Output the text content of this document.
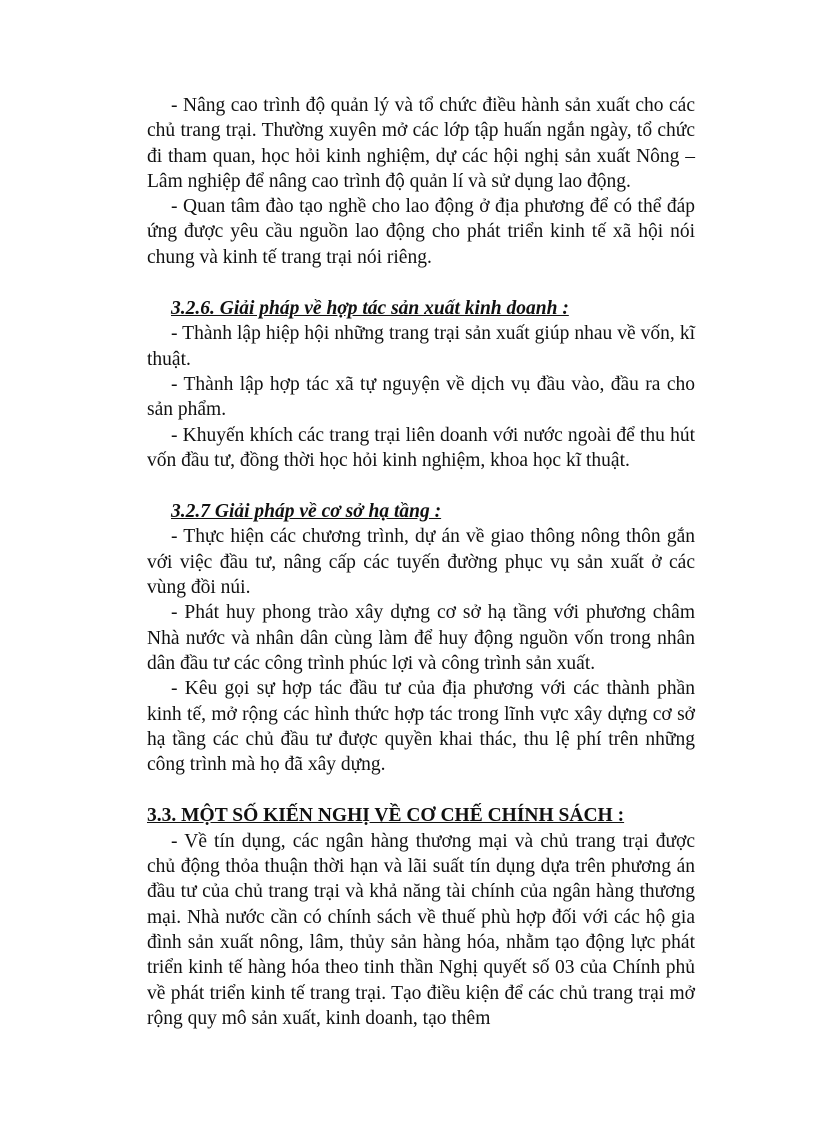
- Nâng cao trình độ quản lý và tổ chức điều hành sản xuất cho các chủ trang trại. Thường xuyên mở các lớp tập huấn ngắn ngày, tổ chức đi tham quan, học hỏi kinh nghiệm, dự các hội nghị sản xuất Nông – Lâm nghiệp để nâng cao trình độ quản lí và sử dụng lao động.

- Quan tâm đào tạo nghề cho lao động ở địa phương để có thể đáp ứng được yêu cầu nguồn lao động cho phát triển kinh tế xã hội nói chung và kinh tế trang trại nói riêng.

3.2.6. Giải pháp về hợp tác sản xuất kinh doanh :

- Thành lập hiệp hội những trang trại sản xuất giúp nhau về vốn, kĩ thuật.

- Thành lập hợp tác xã tự nguyện về dịch vụ đầu vào, đầu ra cho sản phẩm.

- Khuyến khích các trang trại liên doanh với nước ngoài để thu hút vốn đầu tư, đồng thời học hỏi kinh nghiệm, khoa học kĩ thuật.

3.2.7 Giải pháp về cơ sở hạ tầng :

- Thực hiện các chương trình, dự án về giao thông nông thôn gắn với việc đầu tư, nâng cấp các tuyến đường phục vụ sản xuất ở các vùng đồi núi.

- Phát huy phong trào xây dựng cơ sở hạ tầng với phương châm Nhà nước và nhân dân cùng làm để huy động nguồn vốn trong nhân dân đầu tư các công trình phúc lợi và công trình sản xuất.

- Kêu gọi sự hợp tác đầu tư của địa phương với các thành phần kinh tế, mở rộng các hình thức hợp tác trong lĩnh vực xây dựng cơ sở hạ tầng các chủ đầu tư được quyền khai thác, thu lệ phí trên những công trình mà họ đã xây dựng.

3.3. MỘT SỐ KIẾN NGHỊ VỀ CƠ CHẾ CHÍNH SÁCH :

- Về tín dụng, các ngân hàng thương mại và chủ trang trại được chủ động thỏa thuận thời hạn và lãi suất tín dụng dựa trên phương án đầu tư của chủ trang trại và khả năng tài chính của ngân hàng thương mại. Nhà nước cần có chính sách về thuế phù hợp đối với các hộ gia đình sản xuất nông, lâm, thủy sản hàng hóa, nhằm tạo động lực phát triển kinh tế hàng hóa theo tinh thần Nghị quyết số 03 của Chính phủ về phát triển kinh tế trang trại. Tạo điều kiện để các chủ trang trại mở rộng quy mô sản xuất, kinh doanh, tạo thêm
